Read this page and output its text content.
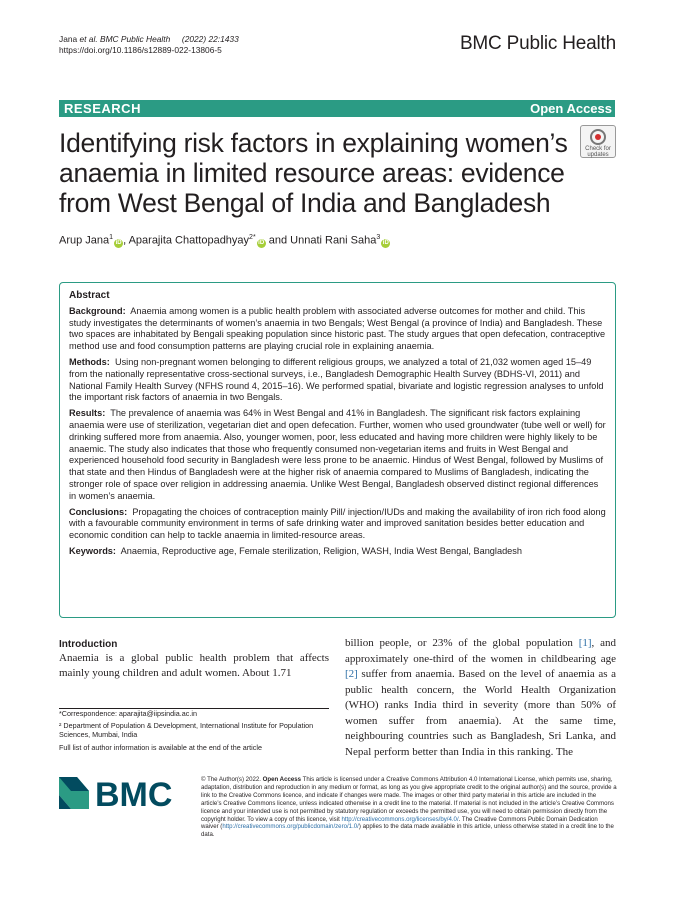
Jana et al. BMC Public Health (2022) 22:1433
https://doi.org/10.1186/s12889-022-13806-5	BMC Public Health
RESEARCH	Open Access
Identifying risk factors in explaining women’s anaemia in limited resource areas: evidence from West Bengal of India and Bangladesh
Check for
updates
Arup Jana$^1$iD , Aparajita Chattopadhyay$^{2*}$iD and Unnati Rani Saha$^3$iD
Abstract

Background: Anaemia among women is a public health problem with associated adverse outcomes for mother and child. This study investigates the determinants of women’s anaemia in two Bengals; West Bengal (a province of India) and Bangladesh. These two spaces are inhabitated by Bengali speaking population since historic past. The study argues that open defecation, contraceptive method use and food consumption patterns are playing crucial role in explaining anaemia.

Methods: Using non-pregnant women belonging to different religious groups, we analyzed a total of 21,032 women aged 15–49 from the nationally representative cross-sectional surveys, i.e., Bangladesh Demographic Health Survey (BDHS-VI, 2011) and National Family Health Survey (NFHS round 4, 2015–16). We performed spatial, bivariate and logistic regression analyses to unfold the important risk factors of anaemia in two Bengals.

Results: The prevalence of anaemia was 64% in West Bengal and 41% in Bangladesh. The significant risk factors explaining anaemia were use of sterilization, vegetarian diet and open defecation. Further, women who used groundwater (tube well or well) for drinking suffered more from anaemia. Also, younger women, poor, less educated and having more children were highly likely to be anaemic. The study also indicates that those who frequently consumed non-vegetarian items and fruits in West Bengal and experienced household food security in Bangladesh were less prone to be anaemic. Hindus of West Bengal, followed by Muslims of that state and then Hindus of Bangladesh were at the higher risk of anaemia compared to Muslims of Bangladesh, indicating the stronger role of space over religion in addressing anaemia. Unlike West Bengal, Bangladesh observed distinct regional differences in women’s anaemia.

Conclusions: Propagating the choices of contraception mainly Pill/ injection/IUDs and making the availability of iron rich food along with a favourable community environment in terms of safe drinking water and improved sanitation besides better education and economic condition can help to tackle anaemia in limited-resource areas.

Keywords: Anaemia, Reproductive age, Female sterilization, Religion, WASH, India West Bengal, Bangladesh

Introduction
Anaemia is a global public health problem that affects mainly young children and adult women. About 1.71
billion people, or 23% of the global population [1], and approximately one-third of the women in childbearing age [2] suffer from anaemia. Based on the level of anaemia as a public health concern, the World Health Organization (WHO) ranks India third in severity (more than 50% of women suffer from anaemia). At the same time, neighbouring countries such as Bangladesh, Sri Lanka, and Nepal perform better than India in this ranking. The
*Correspondence: aparajita@iipsindia.ac.in
² Department of Population & Development, International Institute for Population Sciences, Mumbai, India
Full list of author information is available at the end of the article
BMC	© The Author(s) 2022. Open Access This article is licensed under a Creative Commons Attribution 4.0 International License, which permits use, sharing, adaptation, distribution and reproduction in any medium or format, as long as you give appropriate credit to the original author(s) and the source, provide a link to the Creative Commons licence, and indicate if changes were made. The images or other third party material in this article are included in the article’s Creative Commons licence, unless indicated otherwise in a credit line to the material. If material is not included in the article’s Creative Commons licence and your intended use is not permitted by statutory regulation or exceeds the permitted use, you will need to obtain permission directly from the copyright holder. To view a copy of this licence, visit http://creativecommons.org/licenses/by/4.0/. The Creative Commons Public Domain Dedication waiver (http://creativecommons.org/publicdomain/zero/1.0/) applies to the data made available in this article, unless otherwise stated in a credit line to the data.
